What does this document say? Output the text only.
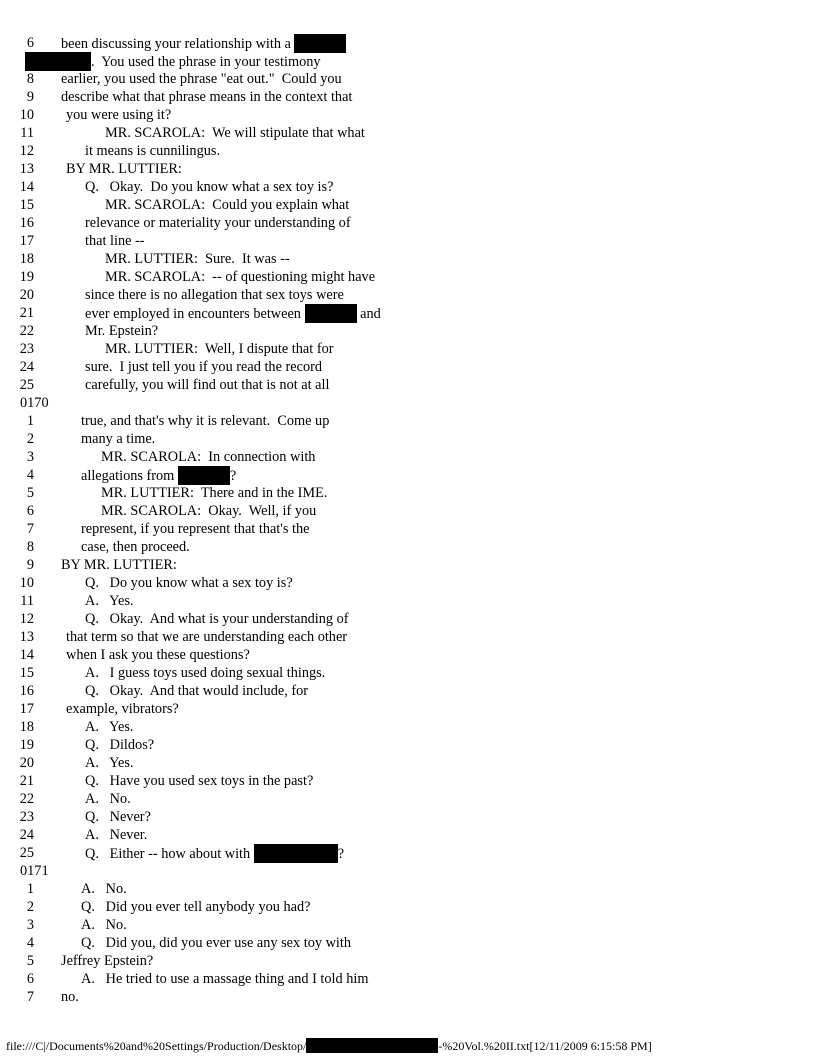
6 been discussing your relationship with a
.  You used the phrase in your testimony
8 earlier, you used the phrase "eat out."  Could you
9 describe what that phrase means in the context that
10 you were using it?
11	MR. SCAROLA:  We will stipulate that what
12	it means is cunnilingus.
13 BY MR. LUTTIER:
14	Q.   Okay.  Do you know what a sex toy is?
15	MR. SCAROLA:  Could you explain what
16	relevance or materiality your understanding of
17	that line --
18	MR. LUTTIER:  Sure.  It was --
19	MR. SCAROLA:  -- of questioning might have
20	since there is no allegation that sex toys were
21	ever employed in encounters between	and
22	Mr. Epstein?
23	MR. LUTTIER:  Well, I dispute that for
24	sure.  I just tell you if you read the record
25	carefully, you will find out that is not at all
0170
1	true, and that's why it is relevant.  Come up
2	many a time.
3	MR. SCAROLA:  In connection with
4	allegations from	?
5	MR. LUTTIER:  There and in the IME.
6	MR. SCAROLA:  Okay.  Well, if you
7	represent, if you represent that that's the
8	case, then proceed.
9 BY MR. LUTTIER:
10	Q.   Do you know what a sex toy is?
11	A.   Yes.
12	Q.   Okay.  And what is your understanding of
13 that term so that we are understanding each other
14 when I ask you these questions?
15	A.   I guess toys used doing sexual things.
16	Q.   Okay.  And that would include, for
17 example, vibrators?
18	A.   Yes.
19	Q.   Dildos?
20	A.   Yes.
21	Q.   Have you used sex toys in the past?
22	A.   No.
23	Q.   Never?
24	A.   Never.
25	Q.   Either -- how about with	?
0171
1	A.   No.
2	Q.   Did you ever tell anybody you had?
3	A.   No.
4	Q.   Did you, did you ever use any sex toy with
5 Jeffrey Epstein?
6	A.   He tried to use a massage thing and I told him
7 no.
file:///C|/Documents%20and%20Settings/Production/Desktop/	-%20Vol.%20II.txt[12/11/2009 6:15:58 PM]
